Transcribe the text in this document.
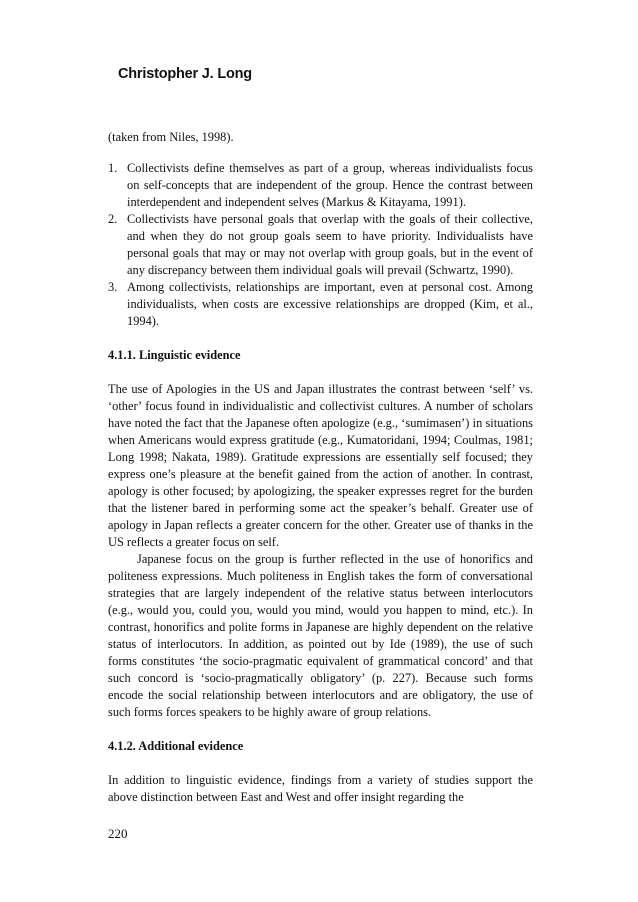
Christopher J. Long

(taken from Niles, 1998).

1. Collectivists define themselves as part of a group, whereas individualists focus on self-concepts that are independent of the group. Hence the contrast between interdependent and independent selves (Markus & Kitayama, 1991).
2. Collectivists have personal goals that overlap with the goals of their collective, and when they do not group goals seem to have priority. Individualists have personal goals that may or may not overlap with group goals, but in the event of any discrepancy between them individual goals will prevail (Schwartz, 1990).
3. Among collectivists, relationships are important, even at personal cost. Among individualists, when costs are excessive relationships are dropped (Kim, et al., 1994).

4.1.1. Linguistic evidence

The use of Apologies in the US and Japan illustrates the contrast between ‘self’ vs. ‘other’ focus found in individualistic and collectivist cultures. A number of scholars have noted the fact that the Japanese often apologize (e.g., ‘sumimasen’) in situations when Americans would express gratitude (e.g., Kumatoridani, 1994; Coulmas, 1981; Long 1998; Nakata, 1989). Gratitude expressions are essentially self focused; they express one’s pleasure at the benefit gained from the action of another. In contrast, apology is other focused; by apologizing, the speaker expresses regret for the burden that the listener bared in performing some act the speaker’s behalf. Greater use of apology in Japan reflects a greater concern for the other. Greater use of thanks in the US reflects a greater focus on self.

Japanese focus on the group is further reflected in the use of honorifics and politeness expressions. Much politeness in English takes the form of conversational strategies that are largely independent of the relative status between interlocutors (e.g., would you, could you, would you mind, would you happen to mind, etc.). In contrast, honorifics and polite forms in Japanese are highly dependent on the relative status of interlocutors. In addition, as pointed out by Ide (1989), the use of such forms constitutes ‘the socio-pragmatic equivalent of grammatical concord’ and that such concord is ‘socio-pragmatically obligatory’ (p. 227). Because such forms encode the social relationship between interlocutors and are obligatory, the use of such forms forces speakers to be highly aware of group relations.

4.1.2. Additional evidence

In addition to linguistic evidence, findings from a variety of studies support the above distinction between East and West and offer insight regarding the

220
